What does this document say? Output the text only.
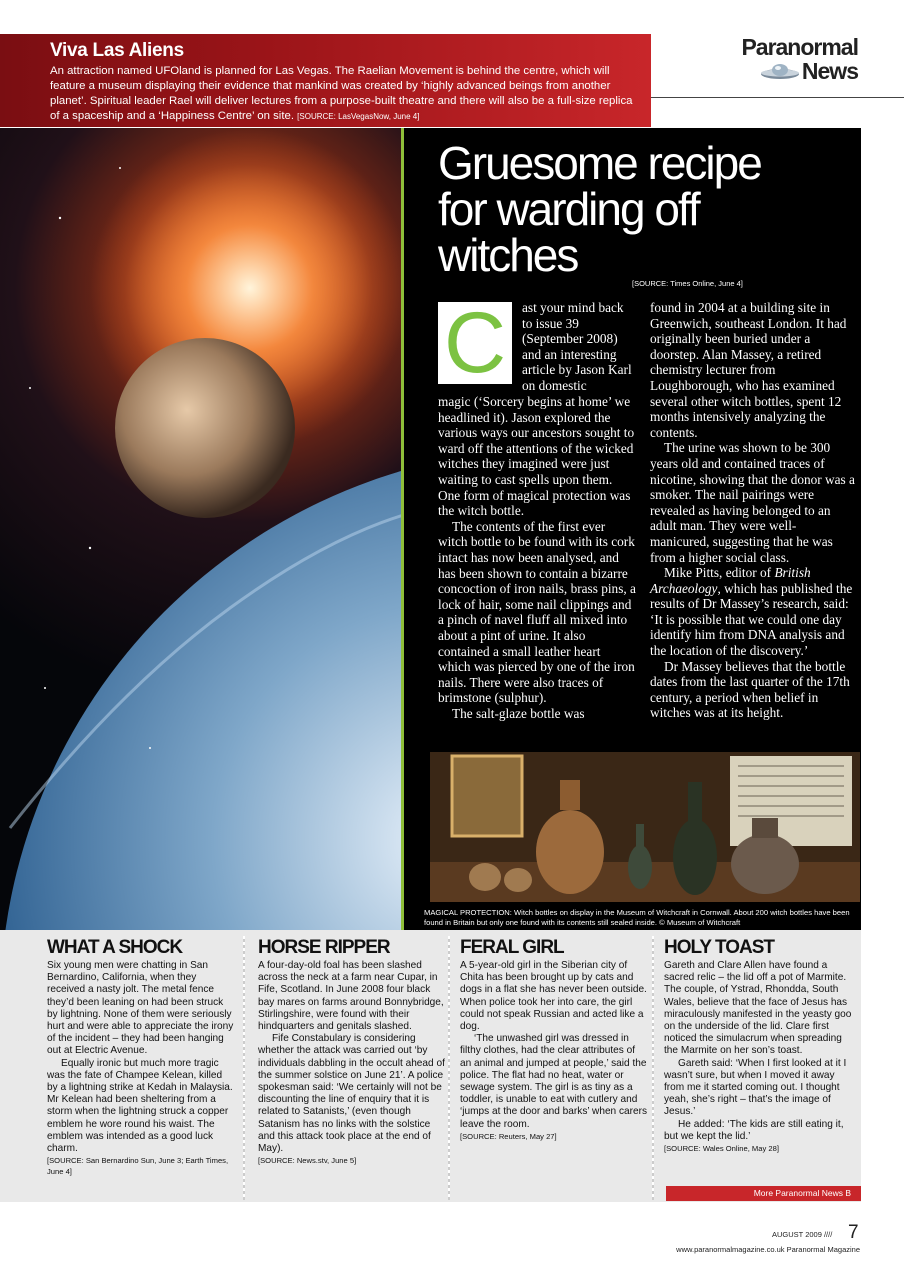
Viva Las Aliens

An attraction named UFOland is planned for Las Vegas. The Raelian Movement is behind the centre, which will feature a museum displaying their evidence that mankind was created by ‘highly advanced beings from another planet’. Spiritual leader Rael will deliver lectures from a purpose-built theatre and there will also be a full-size replica of a spaceship and a ‘Happiness Centre’ on site. [SOURCE: LasVegasNow, June 4]

Paranormal
News
Gruesome recipe
for warding off
witches
[SOURCE: Times Online, June 4]
C	ast your mind back to issue 39 (September 2008) and an interesting article by Jason Karl on domestic

magic (‘Sorcery begins at home’ we headlined it). Jason explored the various ways our ancestors sought to ward off the attentions of the wicked witches they imagined were just waiting to cast spells upon them. One form of magical protection was the witch bottle.

The contents of the first ever witch bottle to be found with its cork intact has now been analysed, and has been shown to contain a bizarre concoction of iron nails, brass pins, a lock of hair, some nail clippings and a pinch of navel fluff all mixed into about a pint of urine. It also contained a small leather heart which was pierced by one of the iron nails. There were also traces of brimstone (sulphur).

The salt-glaze bottle was

found in 2004 at a building site in Greenwich, southeast London. It had originally been buried under a doorstep. Alan Massey, a retired chemistry lecturer from Loughborough, who has examined several other witch bottles, spent 12 months intensively analyzing the contents.

The urine was shown to be 300 years old and contained traces of nicotine, showing that the donor was a smoker. The nail pairings were revealed as having belonged to an adult man. They were well-manicured, suggesting that he was from a higher social class.

Mike Pitts, editor of British Archaeology, which has published the results of Dr Massey’s research, said: ‘It is possible that we could one day identify him from DNA analysis and the location of the discovery.’

Dr Massey believes that the bottle dates from the last quarter of the 17th century, a period when belief in witches was at its height.

MAGICAL PROTECTION: Witch bottles on display in the Museum of Witchcraft in Cornwall. About 200 witch bottles have been found in Britain but only one found with its contents still sealed inside. © Museum of Witchcraft
WHAT A SHOCK

Six young men were chatting in San Bernardino, California, when they received a nasty jolt. The metal fence they’d been leaning on had been struck by lightning. None of them were seriously hurt and were able to appreciate the irony of the incident – they had been hanging out at Electric Avenue.

Equally ironic but much more tragic was the fate of Champee Kelean, killed by a lightning strike at Kedah in Malaysia. Mr Kelean had been sheltering from a storm when the lightning struck a copper emblem he wore round his waist. The emblem was intended as a good luck charm.

[SOURCE: San Bernardino Sun, June 3; Earth Times, June 4]

HORSE RIPPER

A four-day-old foal has been slashed across the neck at a farm near Cupar, in Fife, Scotland. In June 2008 four black bay mares on farms around Bonnybridge, Stirlingshire, were found with their hindquarters and genitals slashed.

Fife Constabulary is considering whether the attack was carried out ‘by individuals dabbling in the occult ahead of the summer solstice on June 21’. A police spokesman said: ‘We certainly will not be discounting the line of enquiry that it is related to Satanists,’ (even though Satanism has no links with the solstice and this attack took place at the end of May).

[SOURCE: News.stv, June 5]

FERAL GIRL

A 5-year-old girl in the Siberian city of Chita has been brought up by cats and dogs in a flat she has never been outside. When police took her into care, the girl could not speak Russian and acted like a dog.

‘The unwashed girl was dressed in filthy clothes, had the clear attributes of an animal and jumped at people,’ said the police. The flat had no heat, water or sewage system. The girl is as tiny as a toddler, is unable to eat with cutlery and ‘jumps at the door and barks’ when carers leave the room.

[SOURCE: Reuters, May 27]

HOLY TOAST

Gareth and Clare Allen have found a sacred relic – the lid off a pot of Marmite. The couple, of Ystrad, Rhondda, South Wales, believe that the face of Jesus has miraculously manifested in the yeasty goo on the underside of the lid. Clare first noticed the simulacrum when spreading the Marmite on her son’s toast.

Gareth said: ‘When I first looked at it I wasn’t sure, but when I moved it away from me it started coming out. I thought yeah, she’s right – that’s the image of Jesus.’

He added: ‘The kids are still eating it, but we kept the lid.’

[SOURCE: Wales Online, May 28]

More Paranormal News B
AUGUST 2009 //// 7
www.paranormalmagazine.co.uk Paranormal Magazine
